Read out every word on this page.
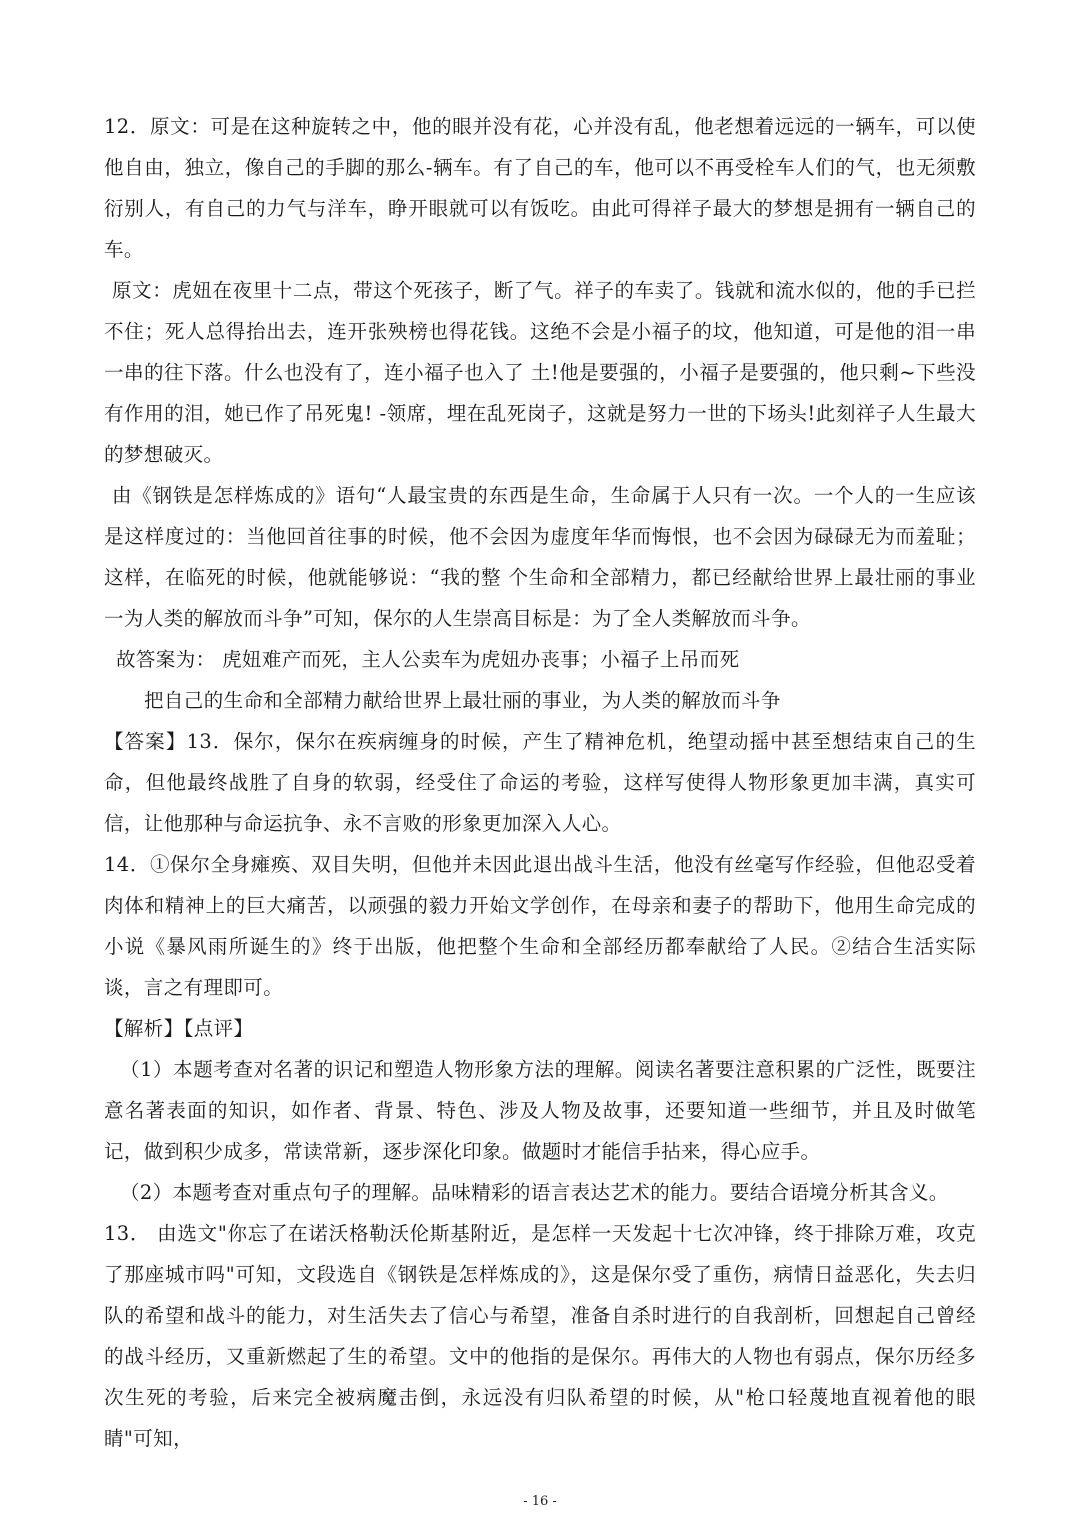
12．原文：可是在这种旋转之中，他的眼并没有花，心并没有乱，他老想着远远的一辆车，可以使他自由，独立，像自己的手脚的那么-辆车。有了自己的车，他可以不再受栓车人们的气，也无须敷衍别人，有自己的力气与洋车，睁开眼就可以有饭吃。由此可得祥子最大的梦想是拥有一辆自己的车。

原文：虎妞在夜里十二点，带这个死孩子，断了气。祥子的车卖了。钱就和流水似的，他的手已拦不住；死人总得抬出去，连开张殃榜也得花钱。这绝不会是小福子的坟，他知道，可是他的泪一串一串的往下落。什么也没有了，连小福子也入了 土!他是要强的，小福子是要强的，他只剩~下些没有作用的泪，她已作了吊死鬼! -领席，埋在乱死岗子，这就是努力一世的下场头!此刻祥子人生最大的梦想破灭。

由《钢铁是怎样炼成的》语句“人最宝贵的东西是生命，生命属于人只有一次。一个人的一生应该是这样度过的：当他回首往事的时候，他不会因为虚度年华而悔恨，也不会因为碌碌无为而羞耻；这样，在临死的时候，他就能够说：“我的整 个生命和全部精力，都已经献给世界上最壮丽的事业一为人类的解放而斗争”可知，保尔的人生崇高目标是：为了全人类解放而斗争。

故答案为： 虎妞难产而死，主人公卖车为虎妞办丧事；小福子上吊而死

把自己的生命和全部精力献给世界上最壮丽的事业，为人类的解放而斗争

【答案】13．保尔，保尔在疾病缠身的时候，产生了精神危机，绝望动摇中甚至想结束自己的生命，但他最终战胜了自身的软弱，经受住了命运的考验，这样写使得人物形象更加丰满，真实可信，让他那种与命运抗争、永不言败的形象更加深入人心。

14．①保尔全身瘫痪、双目失明，但他并未因此退出战斗生活，他没有丝毫写作经验，但他忍受着肉体和精神上的巨大痛苦，以顽强的毅力开始文学创作，在母亲和妻子的帮助下，他用生命完成的小说《暴风雨所诞生的》终于出版，他把整个生命和全部经历都奉献给了人民。②结合生活实际谈，言之有理即可。

【解析】【点评】

（1）本题考查对名著的识记和塑造人物形象方法的理解。阅读名著要注意积累的广泛性，既要注意名著表面的知识，如作者、背景、特色、涉及人物及故事，还要知道一些细节，并且及时做笔记，做到积少成多，常读常新，逐步深化印象。做题时才能信手拈来，得心应手。

（2）本题考查对重点句子的理解。品味精彩的语言表达艺术的能力。要结合语境分析其含义。

13． 由选文"你忘了在诺沃格勒沃伦斯基附近，是怎样一天发起十七次冲锋，终于排除万难，攻克了那座城市吗"可知，文段选自《钢铁是怎样炼成的》，这是保尔受了重伤，病情日益恶化，失去归队的希望和战斗的能力，对生活失去了信心与希望，准备自杀时进行的自我剖析，回想起自己曾经的战斗经历，又重新燃起了生的希望。文中的他指的是保尔。再伟大的人物也有弱点，保尔历经多次生死的考验，后来完全被病魔击倒，永远没有归队希望的时候，从"枪口轻蔑地直视着他的眼睛"可知，

- 16 -
